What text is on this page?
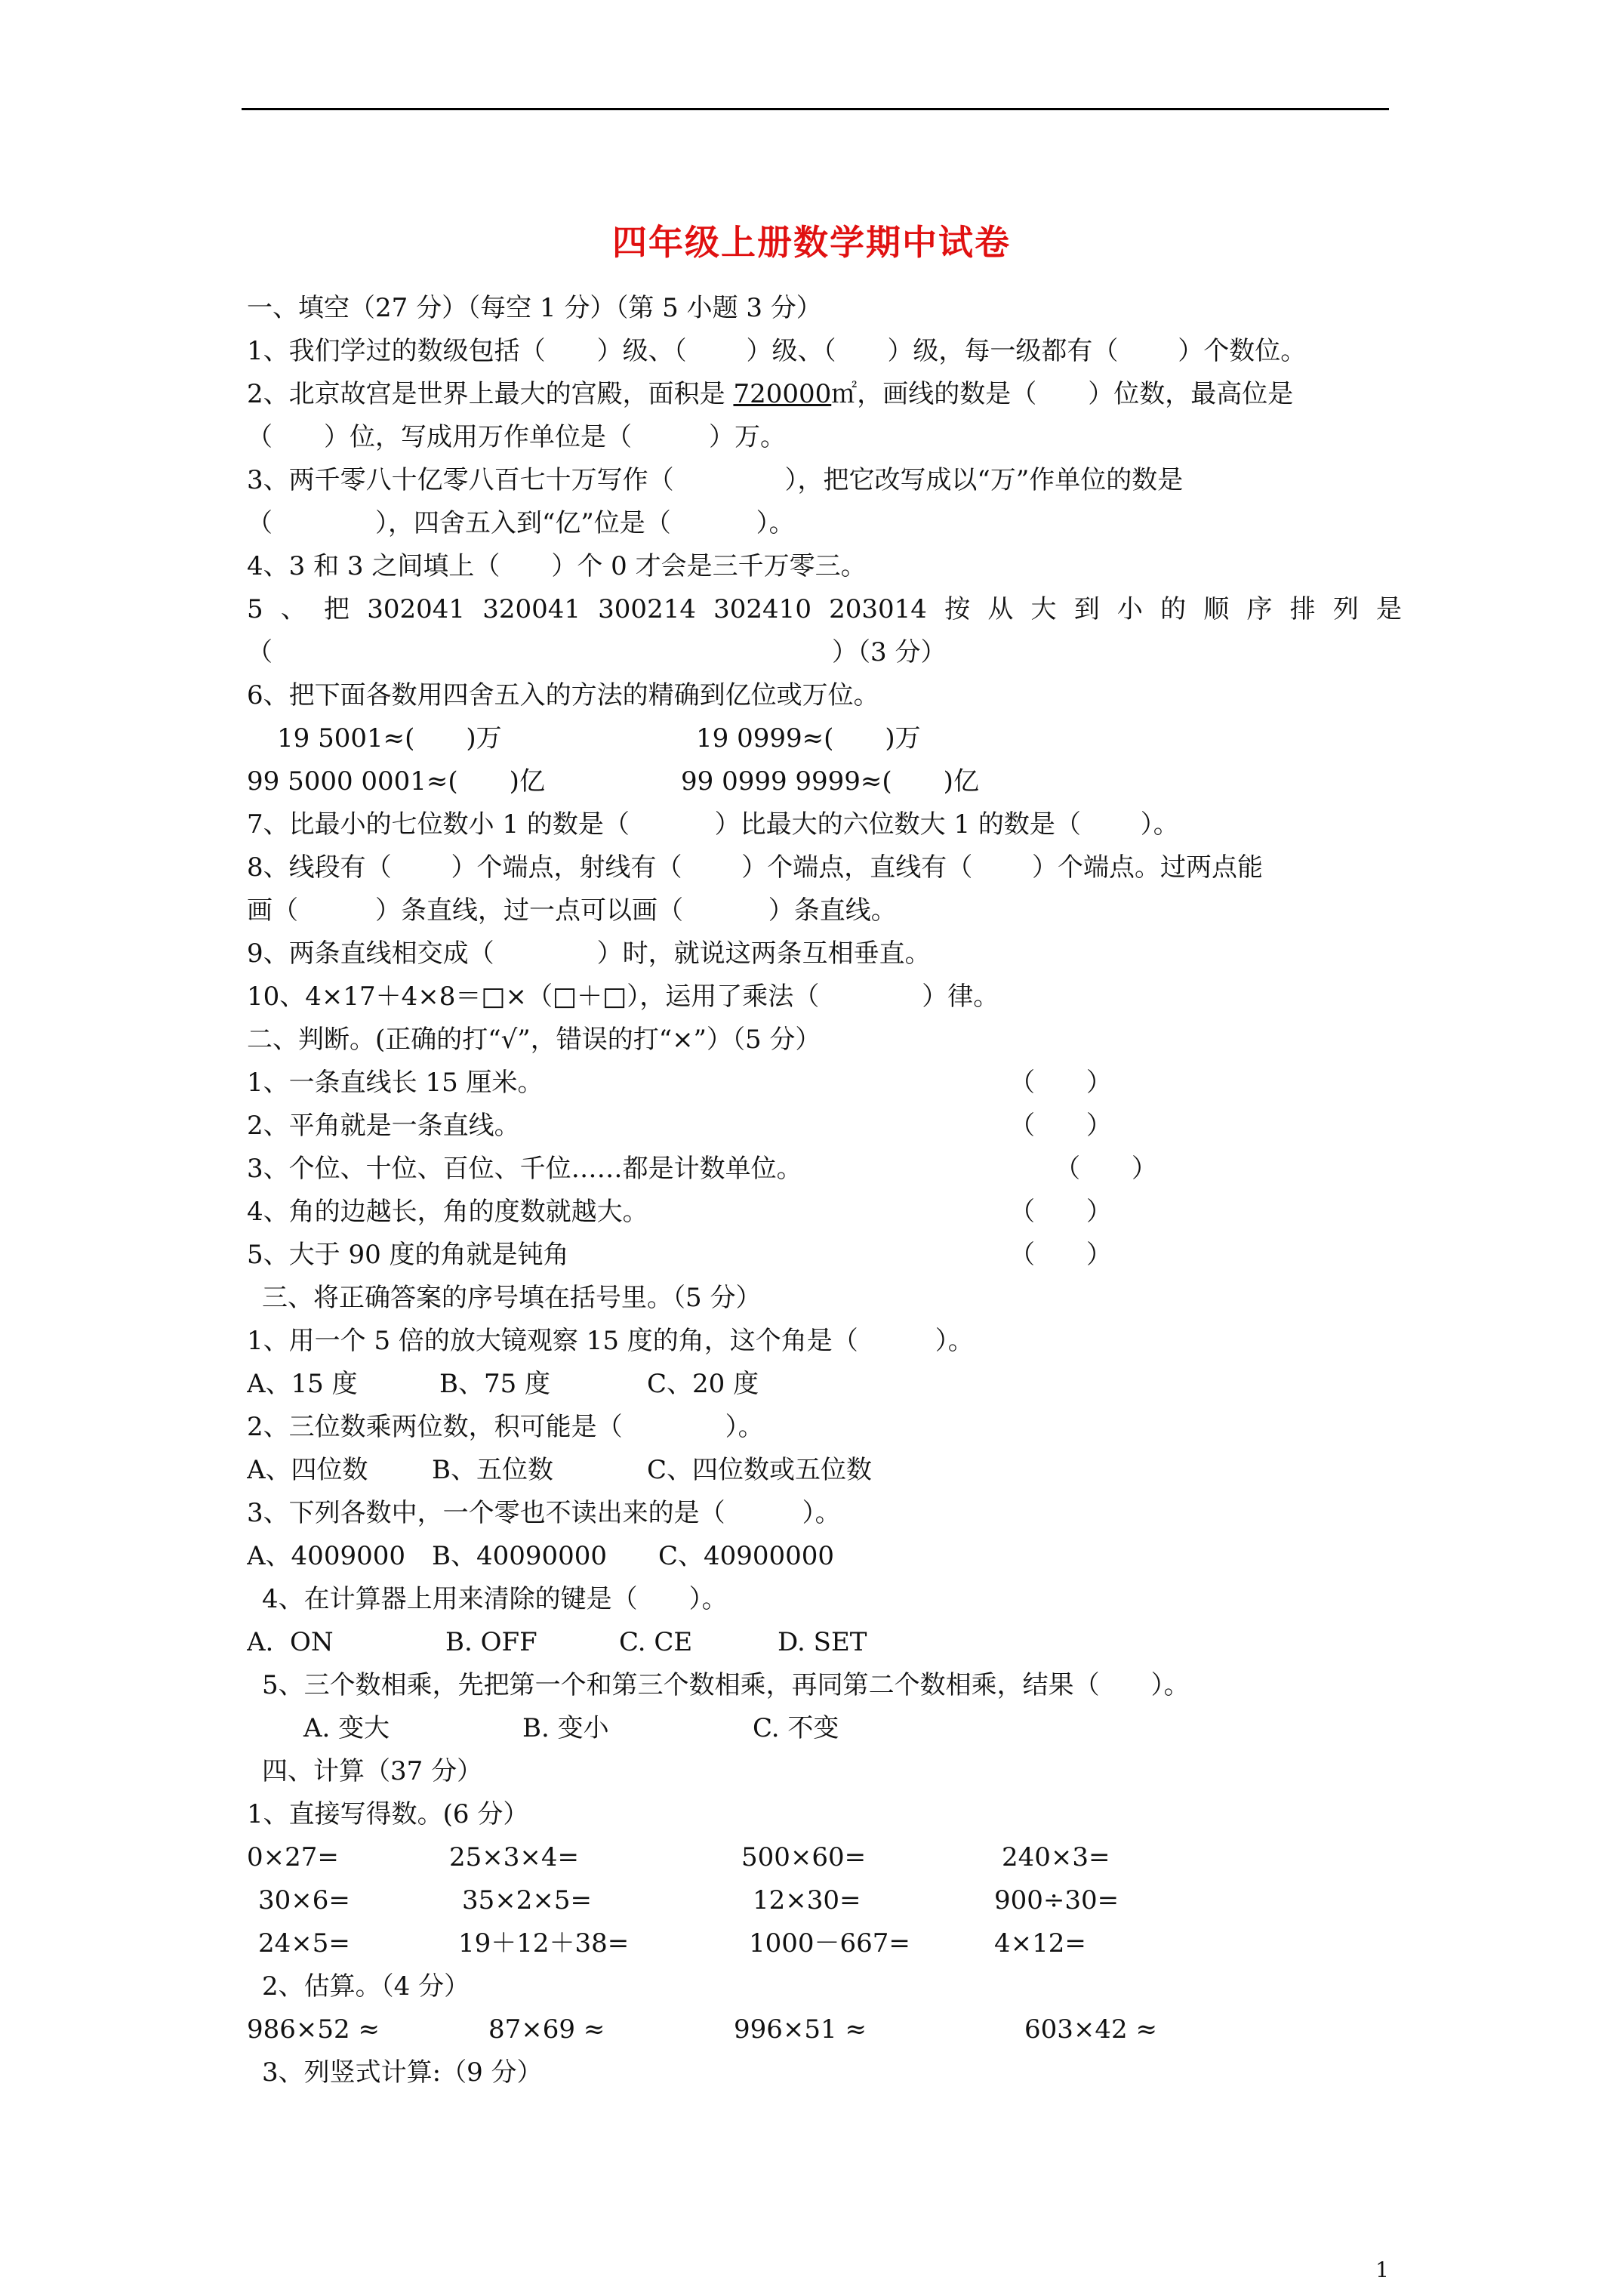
四年级上册数学期中试卷
一、填空（27 分）（每空 1 分）（第 5 小题 3 分）
1、我们学过的数级包括（　　）级、（　　 ）级、（　　）级，每一级都有（　　 ）个数位。
2、北京故宫是世界上最大的宫殿，面积是 720000㎡，画线的数是（　　）位数，最高位是
（　　）位，写成用万作单位是（　　　）万。
3、两千零八十亿零八百七十万写作（　　　　 ），把它改写成以“万”作单位的数是
（　　　　），四舍五入到“亿”位是（　　　 ）。
4、3 和 3 之间填上（　　）个 0 才会是三千万零三。
5 、 把 302041 320041 300214 302410 203014 按 从 大 到 小 的 顺 序 排 列 是
（	）（3 分）
6、把下面各数用四舍五入的方法的精确到亿位或万位。
19 5001≈(　　)万	19 0999≈(　　)万
99 5000 0001≈(　　)亿	99 0999 9999≈(　　)亿
7、比最小的七位数小 1 的数是（　　　 ）比最大的六位数大 1 的数是（　　 ）。
8、线段有（　　 ）个端点，射线有（　　 ）个端点，直线有（　　 ）个端点。过两点能
画（　　　）条直线，过一点可以画（　　　 ）条直线。
9、两条直线相交成（　　　　）时，就说这两条互相垂直。
10、4×17＋4×8＝□×（□＋□），运用了乘法（　　　　）律。
二、判断。(正确的打“√”，错误的打“×”）（5 分）
1、一条直线长 15 厘米。	（　　）
2、平角就是一条直线。	（　　）
3、个位、十位、百位、千位……都是计数单位。	（　　）
4、角的边越长，角的度数就越大。	（　　）
5、大于 90 度的角就是钝角	（　　）
三、将正确答案的序号填在括号里。（5 分）
1、用一个 5 倍的放大镜观察 15 度的角，这个角是（　　　）。
A、15 度	B、75 度	C、20 度
2、三位数乘两位数，积可能是（　　　　）。
A、四位数	B、五位数	C、四位数或五位数
3、下列各数中，一个零也不读出来的是（　　　）。
A、4009000	B、40090000	C、40900000
4、在计算器上用来清除的键是（　　）。
A.  ON	B. OFF	C. CE	D. SET
5、三个数相乘，先把第一个和第三个数相乘，再同第二个数相乘，结果（　　）。
A. 变大	B. 变小	C. 不变
四、计算（37 分）
1、直接写得数。(6 分）
0×27=	25×3×4=	500×60=	240×3=
30×6=	35×2×5=	12×30=	900÷30=
24×5=	19＋12＋38=	1000－667=	4×12=
2、估算。（4 分）
986×52 ≈	87×69 ≈	996×51 ≈	603×42 ≈
3、列竖式计算:（9 分）
1
